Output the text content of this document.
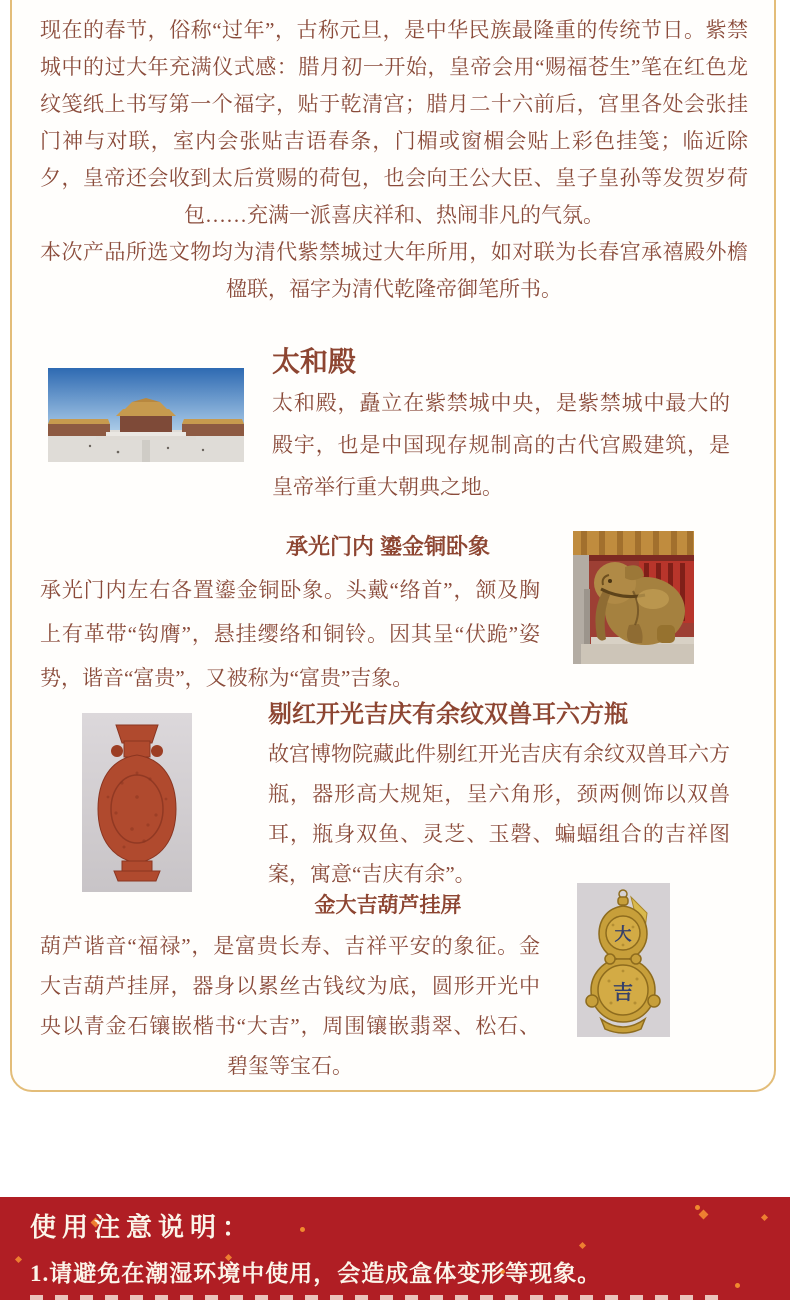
现在的春节，俗称“过年”，古称元旦，是中华民族最隆重的传统节日。紫禁城中的过大年充满仪式感：腊月初一开始，皇帝会用“赐福苍生”笔在红色龙纹笺纸上书写第一个福字，贴于乾清宫；腊月二十六前后，宫里各处会张挂门神与对联，室内会张贴吉语春条，门楣或窗楣会贴上彩色挂笺；临近除夕，皇帝还会收到太后赏赐的荷包，也会向王公大臣、皇子皇孙等发贺岁荷包……充满一派喜庆祥和、热闹非凡的气氛。

本次产品所选文物均为清代紫禁城过大年所用，如对联为长春宫承禧殿外檐楹联，福字为清代乾隆帝御笔所书。

太和殿

太和殿，矗立在紫禁城中央，是紫禁城中最大的殿宇，也是中国现存规制高的古代宫殿建筑，是皇帝举行重大朝典之地。

承光门内 鎏金铜卧象

承光门内左右各置鎏金铜卧象。头戴“络首”，颔及胸上有革带“钩膺”，悬挂缨络和铜铃。因其呈“伏跪”姿势，谐音“富贵”，又被称为“富贵”吉象。

剔红开光吉庆有余纹双兽耳六方瓶

故宫博物院藏此件剔红开光吉庆有余纹双兽耳六方瓶，器形高大规矩，呈六角形，颈两侧饰以双兽耳，瓶身双鱼、灵芝、玉磬、蝙蝠组合的吉祥图案，寓意“吉庆有余”。

金大吉葫芦挂屏

葫芦谐音“福禄”，是富贵长寿、吉祥平安的象征。金大吉葫芦挂屏，器身以累丝古钱纹为底，圆形开光中央以青金石镶嵌楷书“大吉”，周围镶嵌翡翠、松石、碧玺等宝石。

大
吉
使用注意说明：

1.请避免在潮湿环境中使用，会造成盒体变形等现象。
